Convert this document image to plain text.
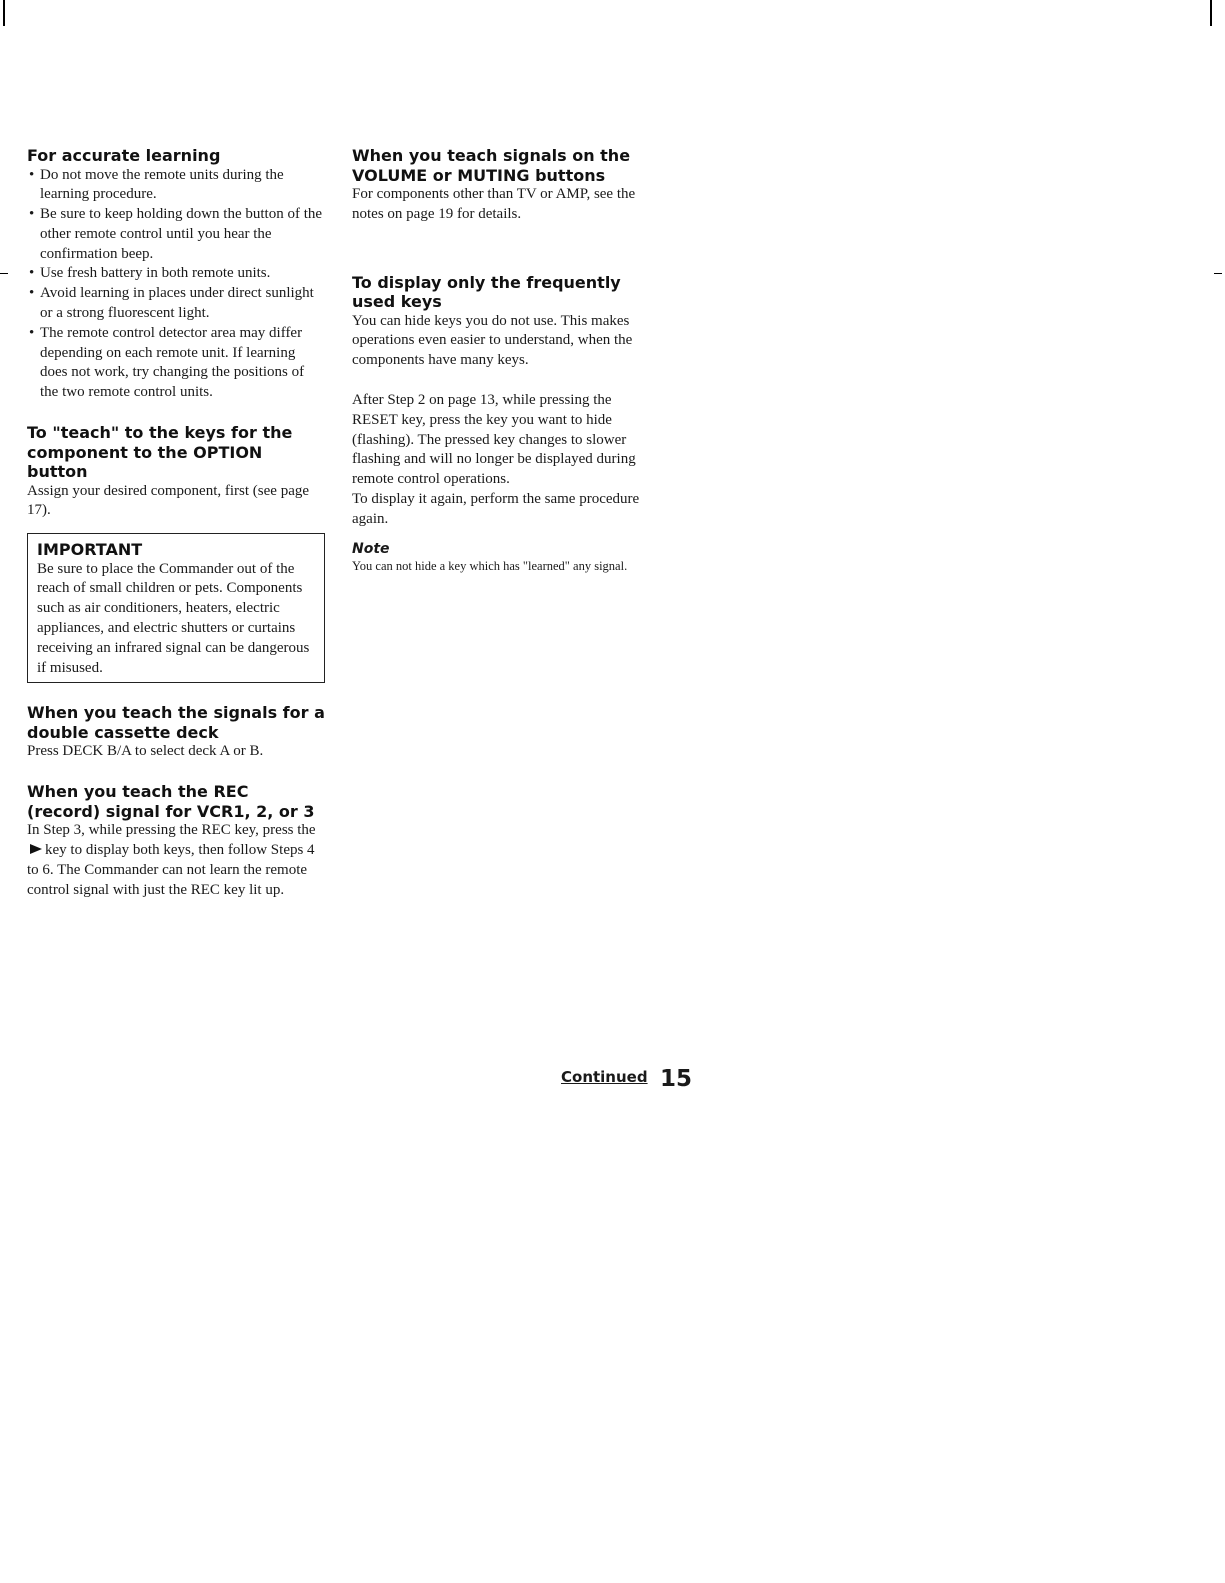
For accurate learning
• Do not move the remote units during the learning procedure.
• Be sure to keep holding down the button of the other remote control until you hear the confirmation beep.
• Use fresh battery in both remote units.
• Avoid learning in places under direct sunlight or a strong fluorescent light.
• The remote control detector area may differ depending on each remote unit. If learning does not work, try changing the positions of the two remote control units.
To "teach" to the keys for the component to the OPTION button

Assign your desired component, first (see page 17).

IMPORTANT

Be sure to place the Commander out of the reach of small children or pets. Components such as air conditioners, heaters, electric appliances, and electric shutters or curtains receiving an infrared signal can be dangerous if misused.

When you teach the signals for a double cassette deck

Press DECK B/A to select deck A or B.

When you teach the REC (record) signal for VCR1, 2, or 3

In Step 3, while pressing the REC key, press thekey to display both keys, then follow Steps 4 to 6. The Commander can not learn the remote control signal with just the REC key lit up.

When you teach signals on the VOLUME or MUTING buttons

For components other than TV or AMP, see the notes on page 19 for details.

To display only the frequently used keys

You can hide keys you do not use. This makes operations even easier to understand, when the components have many keys.

After Step 2 on page 13, while pressing the RESET key, press the key you want to hide (flashing). The pressed key changes to slower flashing and will no longer be displayed during remote control operations.

To display it again, perform the same procedure again.

Note

You can not hide a key which has "learned" any signal.

Continued 15
